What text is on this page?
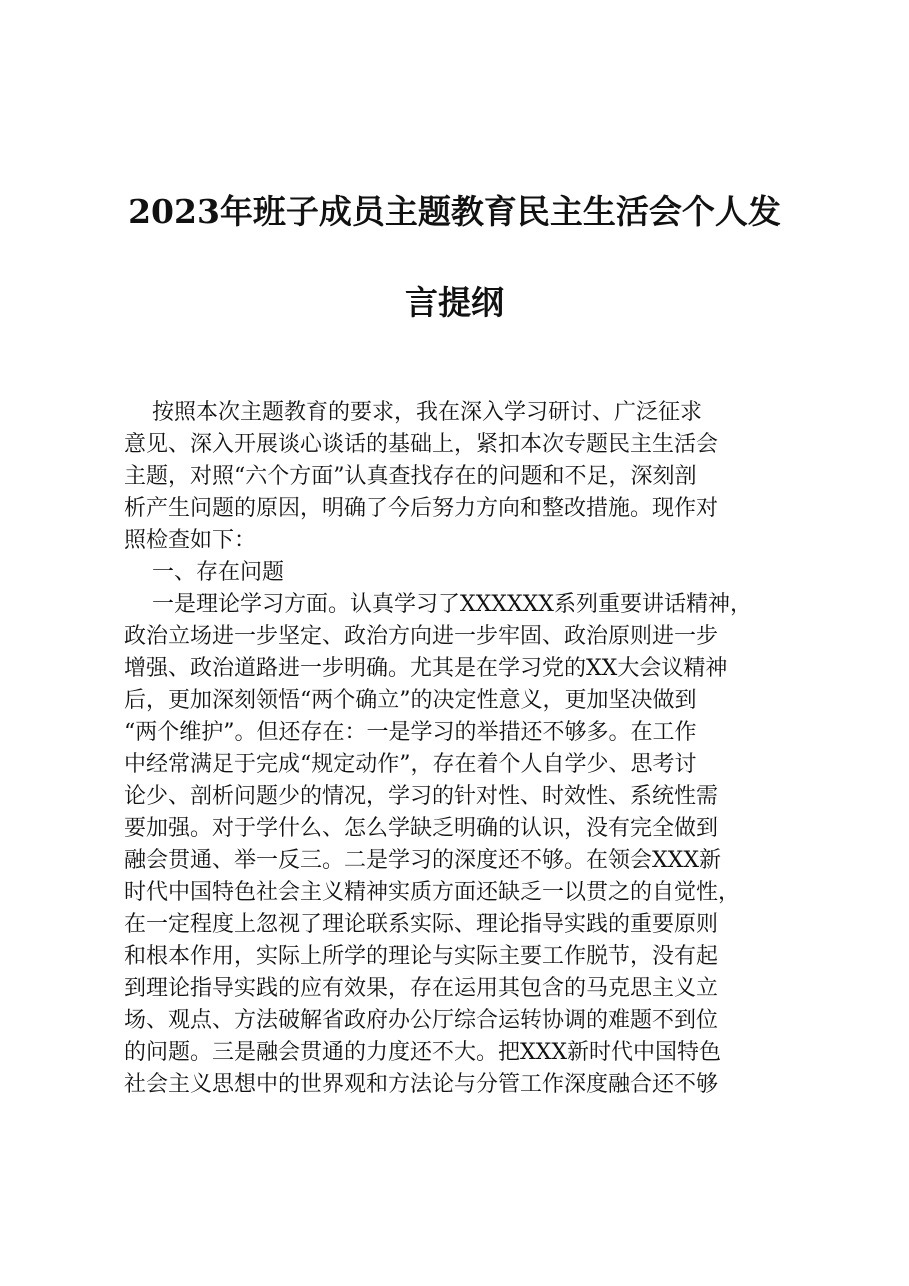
2023年班子成员主题教育民主生活会个人发
言提纲
按照本次主题教育的要求，我在深入学习研讨、广泛征求
意见、深入开展谈心谈话的基础上，紧扣本次专题民主生活会
主题，对照“六个方面”认真查找存在的问题和不足，深刻剖
析产生问题的原因，明确了今后努力方向和整改措施。现作对
照检查如下：
一、存在问题
一是理论学习方面。认真学习了XXXXXX系列重要讲话精神，
政治立场进一步坚定、政治方向进一步牢固、政治原则进一步
增强、政治道路进一步明确。尤其是在学习党的XX大会议精神
后，更加深刻领悟“两个确立”的决定性意义，更加坚决做到
“两个维护”。但还存在：一是学习的举措还不够多。在工作
中经常满足于完成“规定动作”，存在着个人自学少、思考讨
论少、剖析问题少的情况，学习的针对性、时效性、系统性需
要加强。对于学什么、怎么学缺乏明确的认识，没有完全做到
融会贯通、举一反三。二是学习的深度还不够。在领会XXX新
时代中国特色社会主义精神实质方面还缺乏一以贯之的自觉性，
在一定程度上忽视了理论联系实际、理论指导实践的重要原则
和根本作用，实际上所学的理论与实际主要工作脱节，没有起
到理论指导实践的应有效果，存在运用其包含的马克思主义立
场、观点、方法破解省政府办公厅综合运转协调的难题不到位
的问题。三是融会贯通的力度还不大。把XXX新时代中国特色
社会主义思想中的世界观和方法论与分管工作深度融合还不够
